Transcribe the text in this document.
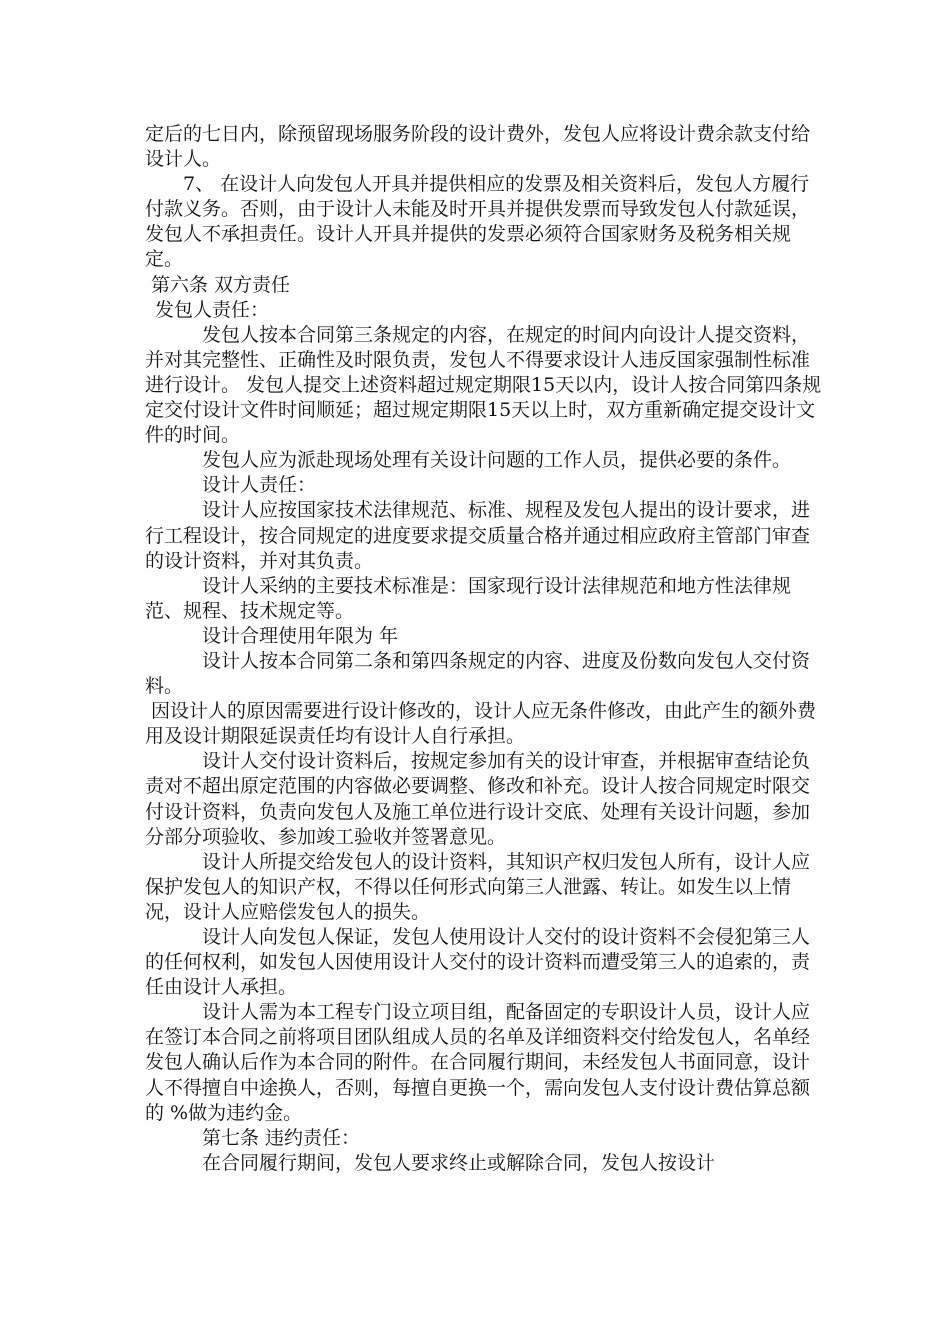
定后的七日内，除预留现场服务阶段的设计费外，发包人应将设计费余款支付给设计人。

7、 在设计人向发包人开具并提供相应的发票及相关资料后，发包人方履行付款义务。否则，由于设计人未能及时开具并提供发票而导致发包人付款延误，发包人不承担责任。设计人开具并提供的发票必须符合国家财务及税务相关规定。

第六条 双方责任

发包人责任：

发包人按本合同第三条规定的内容，在规定的时间内向设计人提交资料，并对其完整性、正确性及时限负责，发包人不得要求设计人违反国家强制性标准进行设计。 发包人提交上述资料超过规定期限15天以内，设计人按合同第四条规定交付设计文件时间顺延；超过规定期限15天以上时，双方重新确定提交设计文件的时间。

发包人应为派赴现场处理有关设计问题的工作人员，提供必要的条件。

设计人责任：

设计人应按国家技术法律规范、标准、规程及发包人提出的设计要求，进行工程设计，按合同规定的进度要求提交质量合格并通过相应政府主管部门审查的设计资料，并对其负责。

设计人采纳的主要技术标准是：国家现行设计法律规范和地方性法律规范、规程、技术规定等。

设计合理使用年限为 年

设计人按本合同第二条和第四条规定的内容、进度及份数向发包人交付资料。

因设计人的原因需要进行设计修改的，设计人应无条件修改，由此产生的额外费用及设计期限延误责任均有设计人自行承担。

设计人交付设计资料后，按规定参加有关的设计审查，并根据审查结论负责对不超出原定范围的内容做必要调整、修改和补充。设计人按合同规定时限交付设计资料，负责向发包人及施工单位进行设计交底、处理有关设计问题，参加分部分项验收、参加竣工验收并签署意见。

设计人所提交给发包人的设计资料，其知识产权归发包人所有，设计人应保护发包人的知识产权，不得以任何形式向第三人泄露、转让。如发生以上情况，设计人应赔偿发包人的损失。

设计人向发包人保证，发包人使用设计人交付的设计资料不会侵犯第三人的任何权利，如发包人因使用设计人交付的设计资料而遭受第三人的追索的，责任由设计人承担。

设计人需为本工程专门设立项目组，配备固定的专职设计人员，设计人应在签订本合同之前将项目团队组成人员的名单及详细资料交付给发包人，名单经发包人确认后作为本合同的附件。在合同履行期间，未经发包人书面同意，设计人不得擅自中途换人，否则，每擅自更换一个，需向发包人支付设计费估算总额的 %做为违约金。

第七条 违约责任：

在合同履行期间，发包人要求终止或解除合同，发包人按设计
